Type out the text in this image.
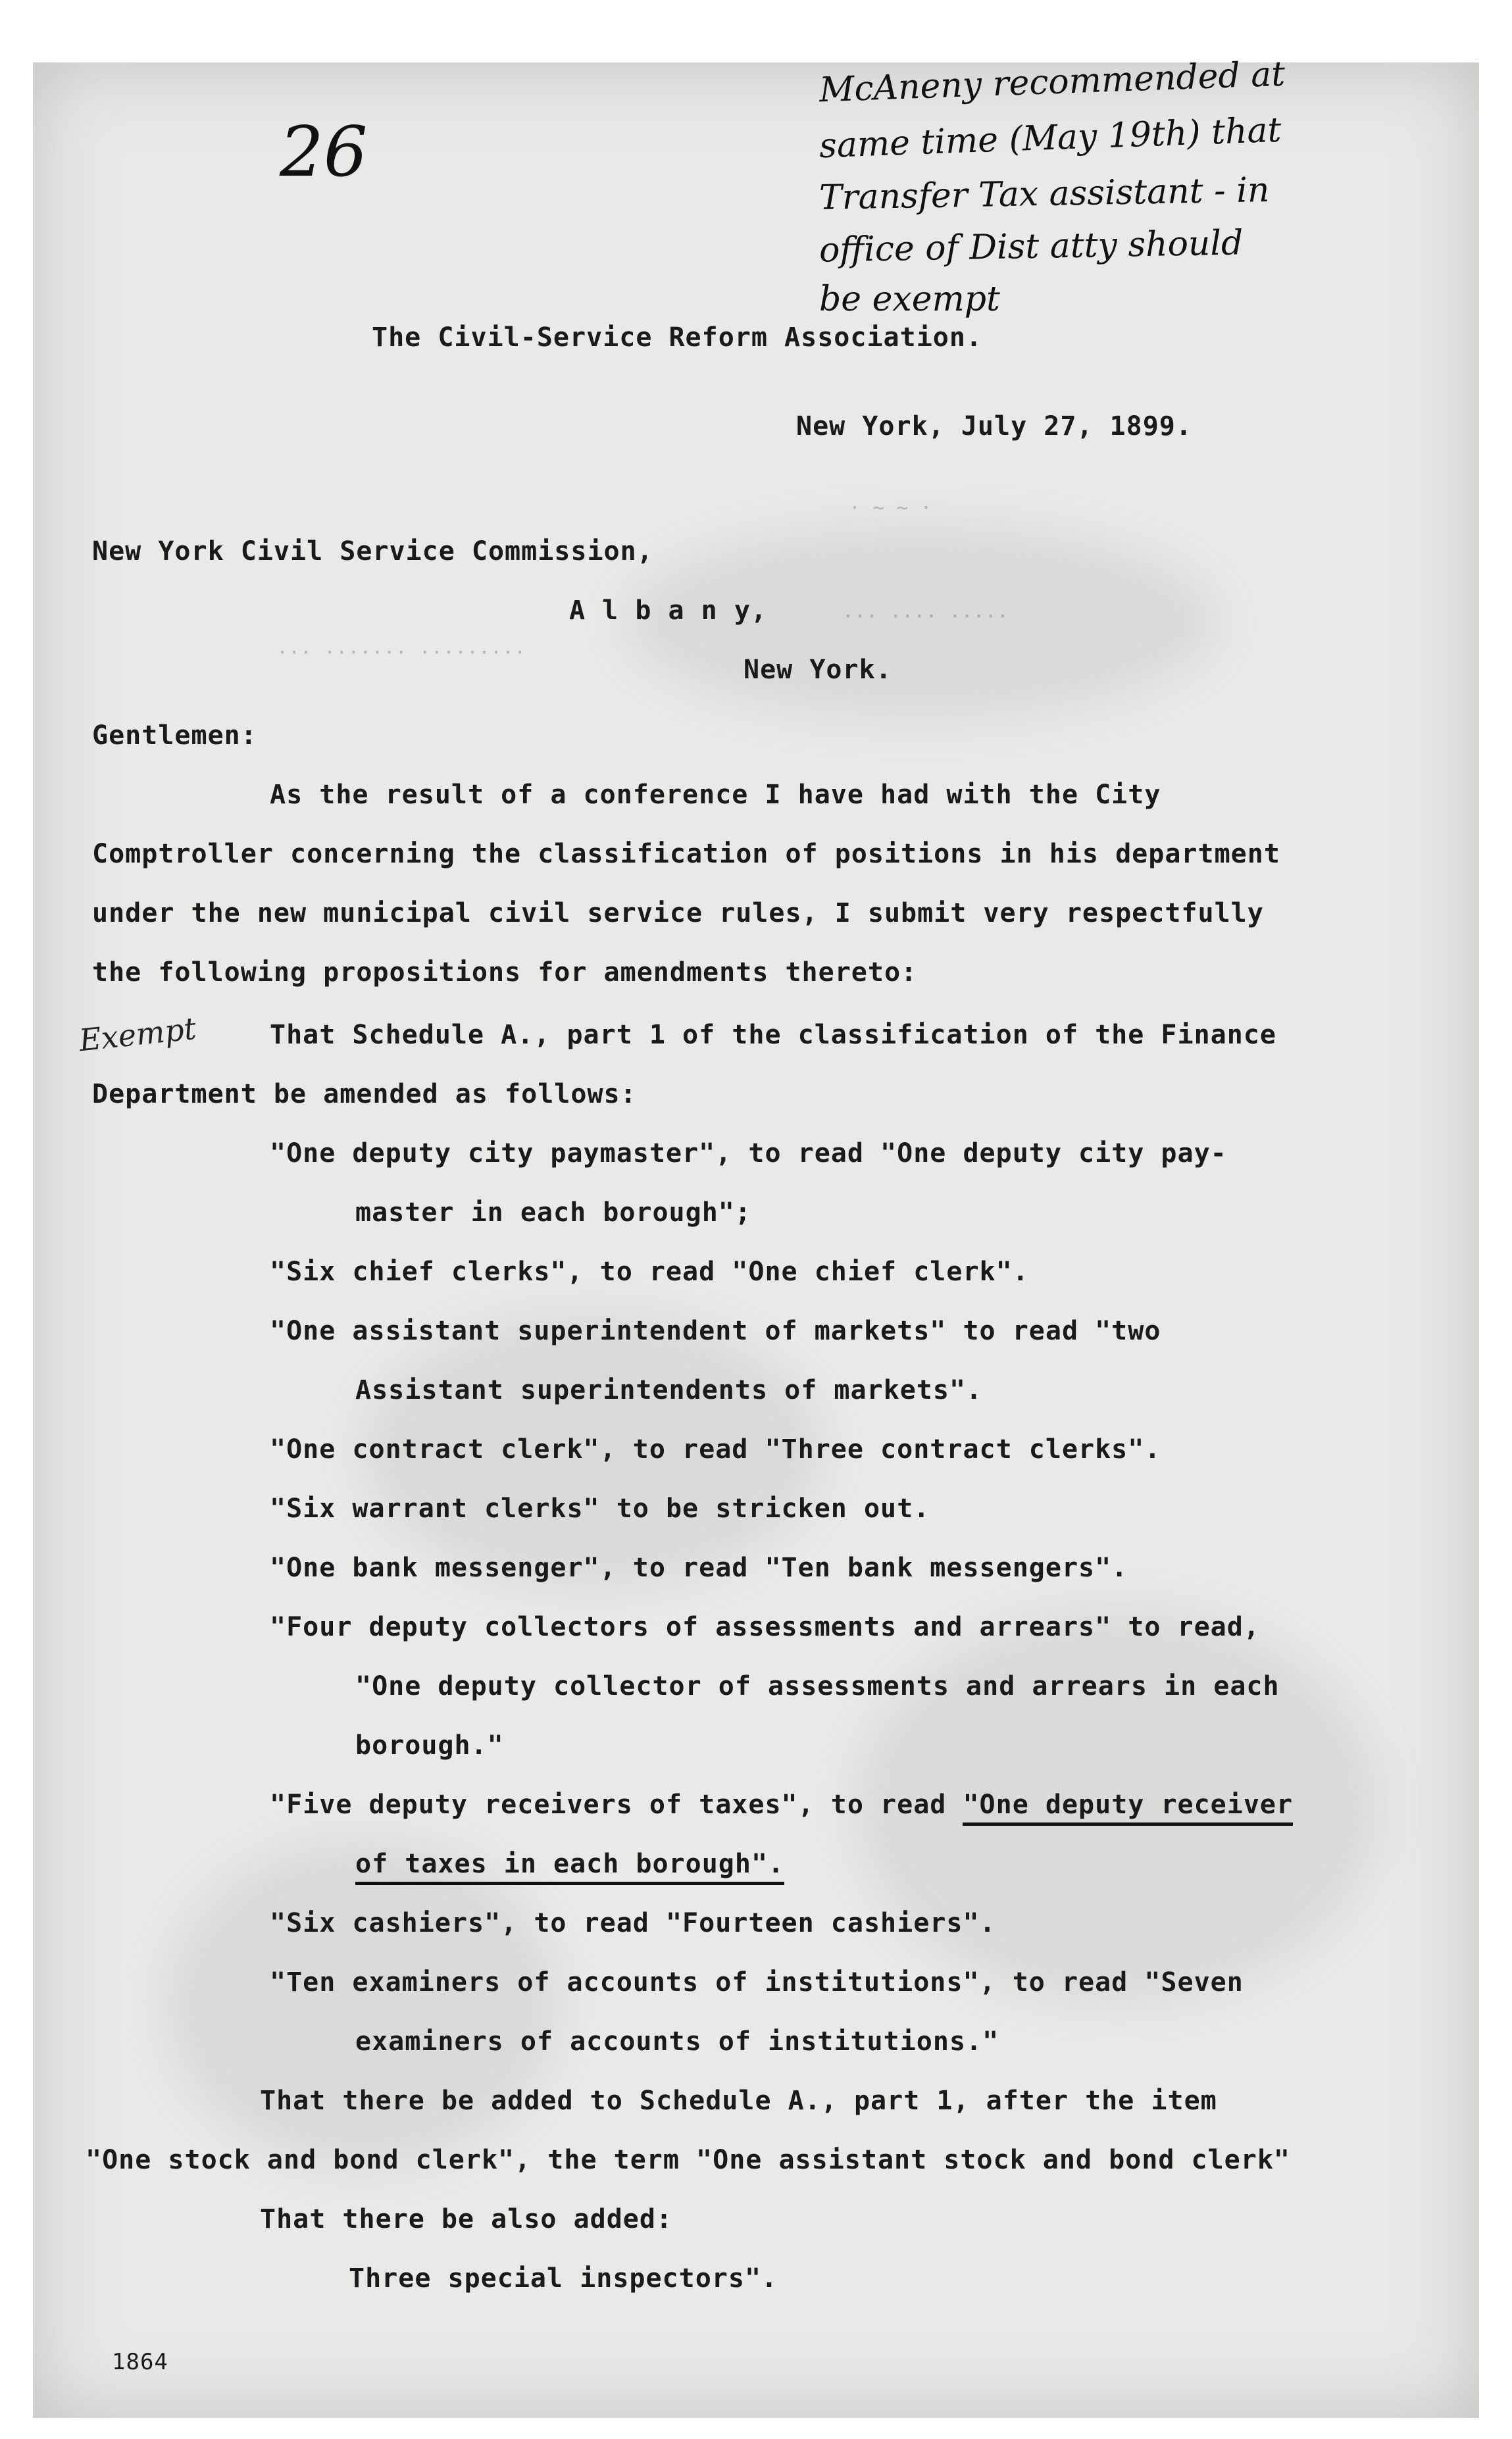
· ~ ~ ·
··· ······· ·········
··· ···· ·····
26
McAneny recommended at
same time (May 19th) that
Transfer Tax assistant - in
office of Dist atty should
be exempt
The Civil-Service Reform Association.
New York, July 27, 1899.
New York Civil Service Commission,
A l b a n y,
New York.
Gentlemen:
As the result of a conference I have had with the City
Comptroller concerning the classification of positions in his department
under the new municipal civil service rules, I submit very respectfully
the following propositions for amendments thereto:
Exempt	That Schedule A., part 1 of the classification of the Finance
Department be amended as follows:
"One deputy city paymaster", to read "One deputy city pay-
master in each borough";
"Six chief clerks", to read "One chief clerk".
"One assistant superintendent of markets" to read "two
Assistant superintendents of markets".
"One contract clerk", to read "Three contract clerks".
"Six warrant clerks" to be stricken out.
"One bank messenger", to read "Ten bank messengers".
"Four deputy collectors of assessments and arrears" to read,
"One deputy collector of assessments and arrears in each
borough."
"Five deputy receivers of taxes", to read "One deputy receiver
of taxes in each borough".
"Six cashiers", to read "Fourteen cashiers".
"Ten examiners of accounts of institutions", to read "Seven
examiners of accounts of institutions."
That there be added to Schedule A., part 1, after the item
"One stock and bond clerk", the term "One assistant stock and bond clerk"
That there be also added:
Three special inspectors".
1864
